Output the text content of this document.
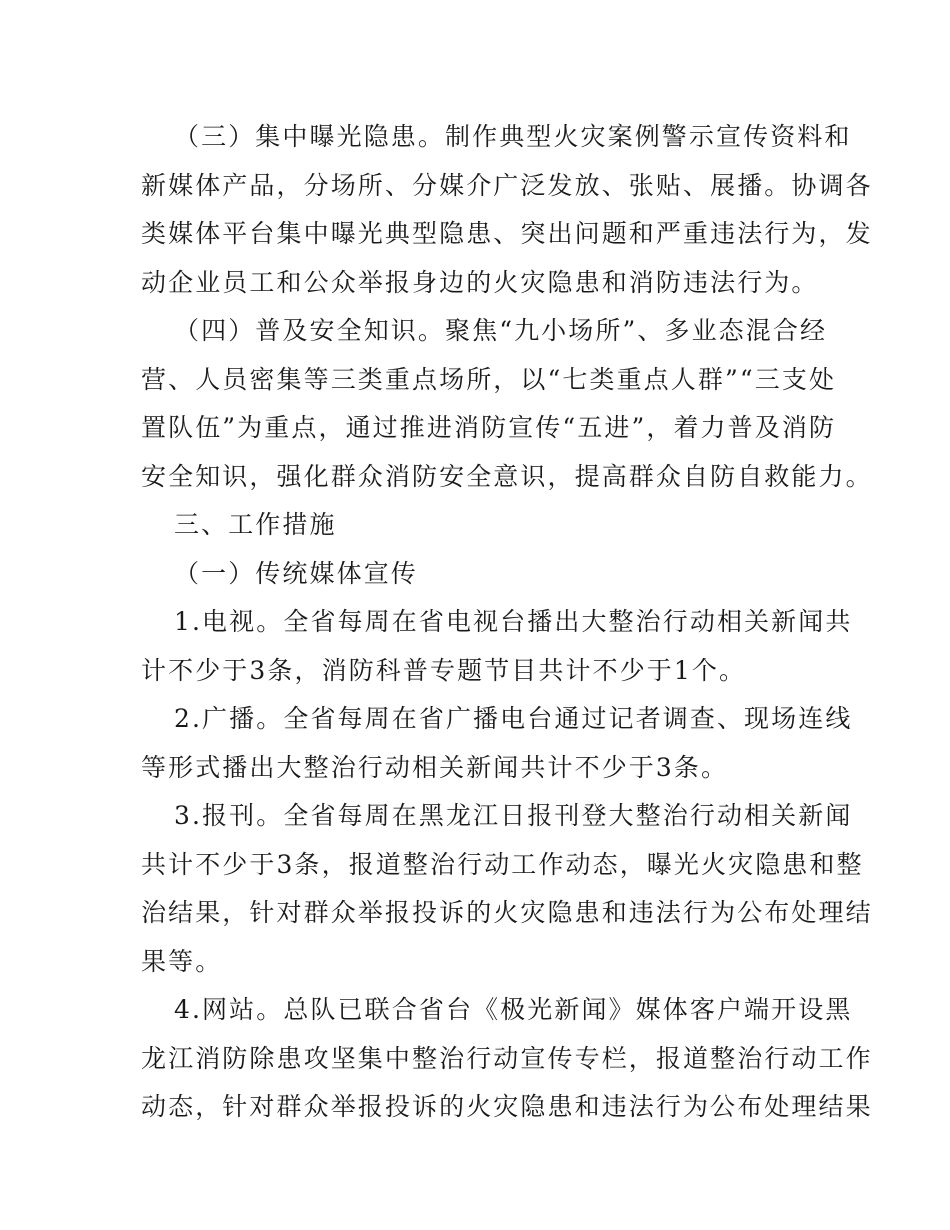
（三）集中曝光隐患。制作典型火灾案例警示宣传资料和
新媒体产品，分场所、分媒介广泛发放、张贴、展播。协调各
类媒体平台集中曝光典型隐患、突出问题和严重违法行为，发
动企业员工和公众举报身边的火灾隐患和消防违法行为。
（四）普及安全知识。聚焦“九小场所”、多业态混合经
营、人员密集等三类重点场所，以“七类重点人群”“三支处
置队伍”为重点，通过推进消防宣传“五进”，着力普及消防
安全知识，强化群众消防安全意识，提高群众自防自救能力。
三、工作措施
（一）传统媒体宣传
1.电视。全省每周在省电视台播出大整治行动相关新闻共
计不少于3条，消防科普专题节目共计不少于1个。
2.广播。全省每周在省广播电台通过记者调查、现场连线
等形式播出大整治行动相关新闻共计不少于3条。
3.报刊。全省每周在黑龙江日报刊登大整治行动相关新闻
共计不少于3条，报道整治行动工作动态，曝光火灾隐患和整
治结果，针对群众举报投诉的火灾隐患和违法行为公布处理结
果等。
4.网站。总队已联合省台《极光新闻》媒体客户端开设黑
龙江消防除患攻坚集中整治行动宣传专栏，报道整治行动工作
动态，针对群众举报投诉的火灾隐患和违法行为公布处理结果
